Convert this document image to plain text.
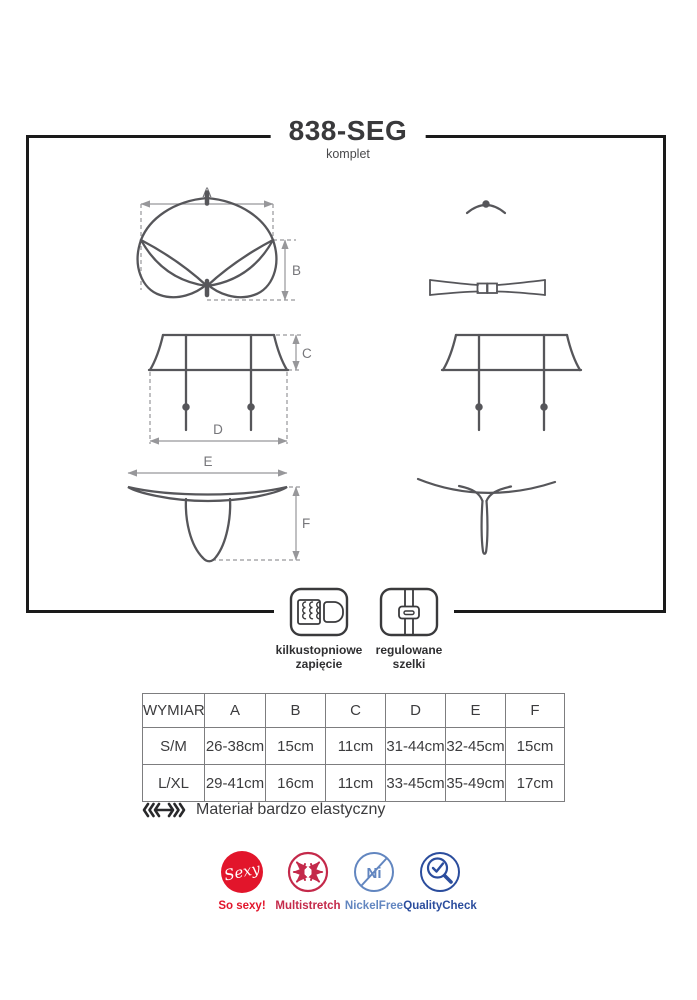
838-SEG
komplet
A
B
C
D
E
F
kilkustopniowe
zapięcie
regulowane
szelki
WYMIAR	A	B	C	D	E	F
S/M	26-38cm	15cm	11cm	31-44cm	32-45cm	15cm
L/XL	29-41cm	16cm	11cm	33-45cm	35-49cm	17cm
Materiał bardzo elastyczny
Sexy
So sexy! Multistretch
Ni
NickelFree QualityCheck
